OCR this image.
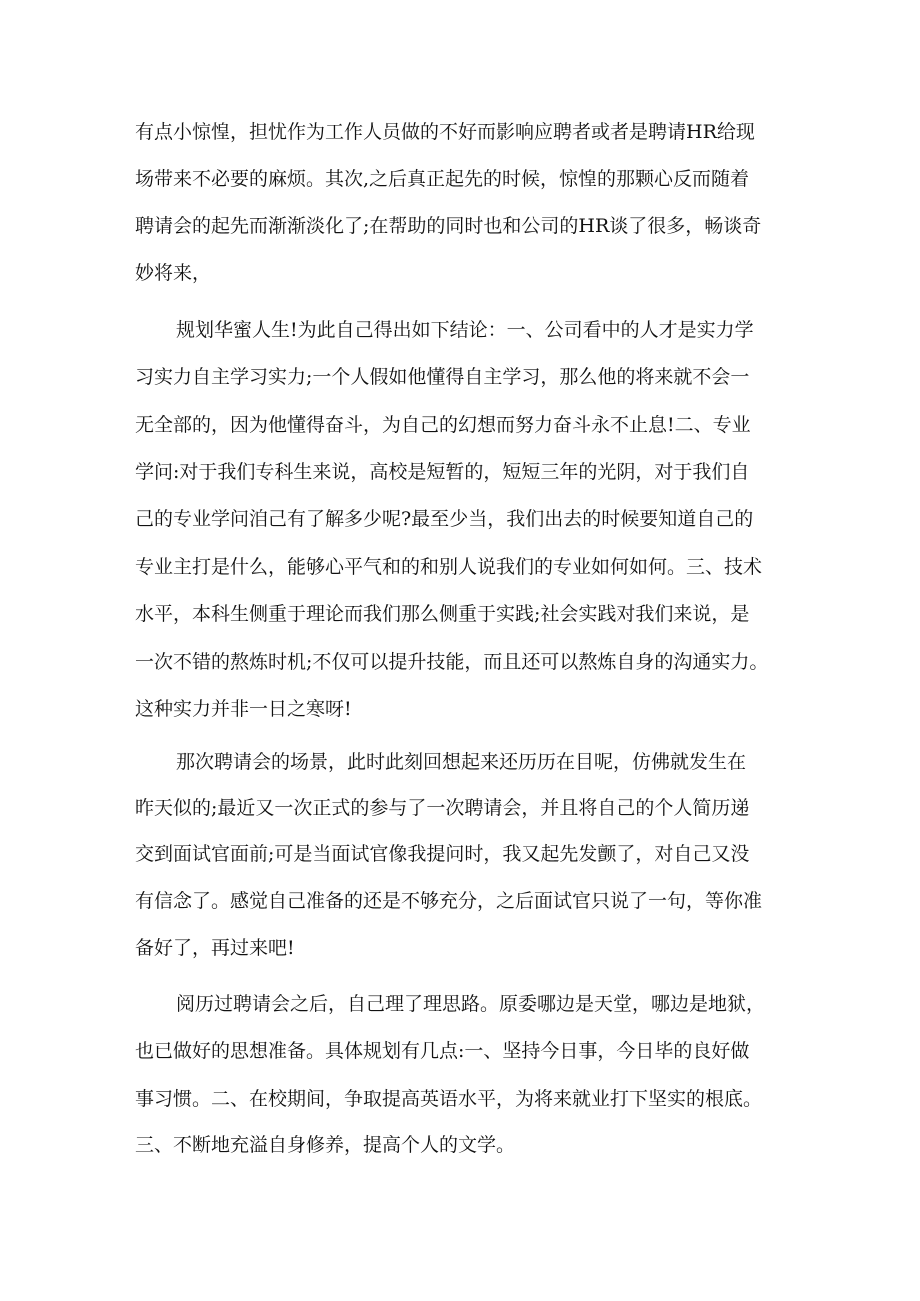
有点小惊惶，担忧作为工作人员做的不好而影响应聘者或者是聘请HR给现
场带来不必要的麻烦。其次,之后真正起先的时候，惊惶的那颗心反而随着
聘请会的起先而渐渐淡化了;在帮助的同时也和公司的HR谈了很多，畅谈奇
妙将来，
规划华蜜人生!为此自己得出如下结论：一、公司看中的人才是实力学
习实力自主学习实力;一个人假如他懂得自主学习，那么他的将来就不会一
无全部的，因为他懂得奋斗，为自己的幻想而努力奋斗永不止息!二、专业
学问:对于我们专科生来说，高校是短暂的，短短三年的光阴，对于我们自
己的专业学问洎己有了解多少呢?最至少当，我们出去的时候要知道自己的
专业主打是什么，能够心平气和的和别人说我们的专业如何如何。三、技术
水平，本科生侧重于理论而我们那么侧重于实践;社会实践对我们来说，是
一次不错的熬炼时机;不仅可以提升技能，而且还可以熬炼自身的沟通实力。
这种实力并非一日之寒呀!
那次聘请会的场景，此时此刻回想起来还历历在目呢，仿佛就发生在
昨天似的;最近又一次正式的参与了一次聘请会，并且将自己的个人简历递
交到面试官面前;可是当面试官像我提问时，我又起先发颤了，对自己又没
有信念了。感觉自己准备的还是不够充分，之后面试官只说了一句，等你准
备好了，再过来吧!
阅历过聘请会之后，自己理了理思路。原委哪边是天堂，哪边是地狱，
也已做好的思想准备。具体规划有几点:一、坚持今日事，今日毕的良好做
事习惯。二、在校期间，争取提高英语水平，为将来就业打下坚实的根底。
三、不断地充溢自身修养，提高个人的文学。
